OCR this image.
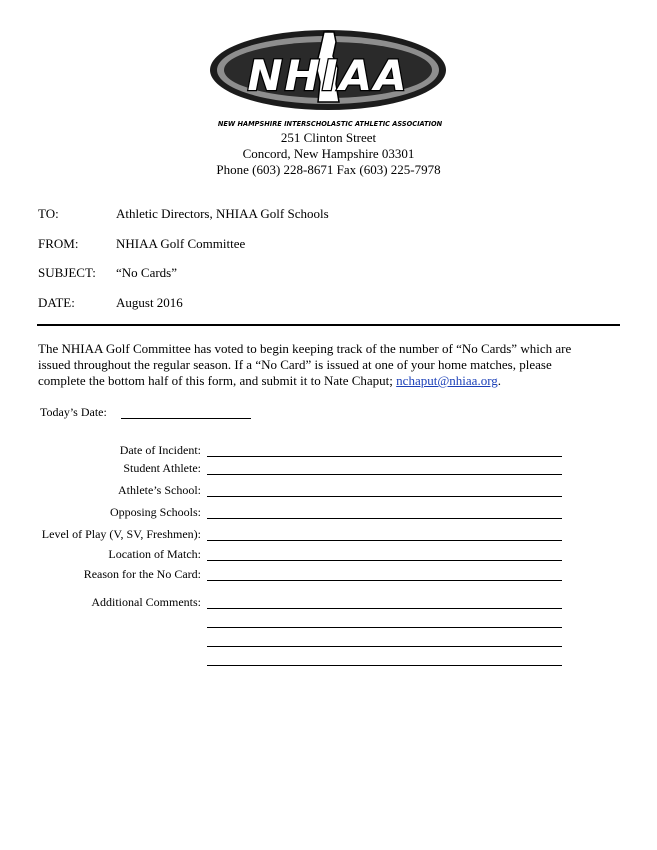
NHIAA
NEW HAMPSHIRE INTERSCHOLASTIC ATHLETIC ASSOCIATION
251 Clinton Street
Concord, New Hampshire 03301
Phone (603) 228-8671 Fax (603) 225-7978
TO:	Athletic Directors, NHIAA Golf Schools
FROM:	NHIAA Golf Committee
SUBJECT: “No Cards”
DATE:	August 2016
The NHIAA Golf Committee has voted to begin keeping track of the number of “No Cards” which are issued throughout the regular season. If a “No Card” is issued at one of your home matches, please complete the bottom half of this form, and submit it to Nate Chaput; nchaput@nhiaa.org.
Today’s Date:
Date of Incident:
Student Athlete:
Athlete’s School:
Opposing Schools:
Level of Play (V, SV, Freshmen):
Location of Match:
Reason for the No Card:
Additional Comments:
